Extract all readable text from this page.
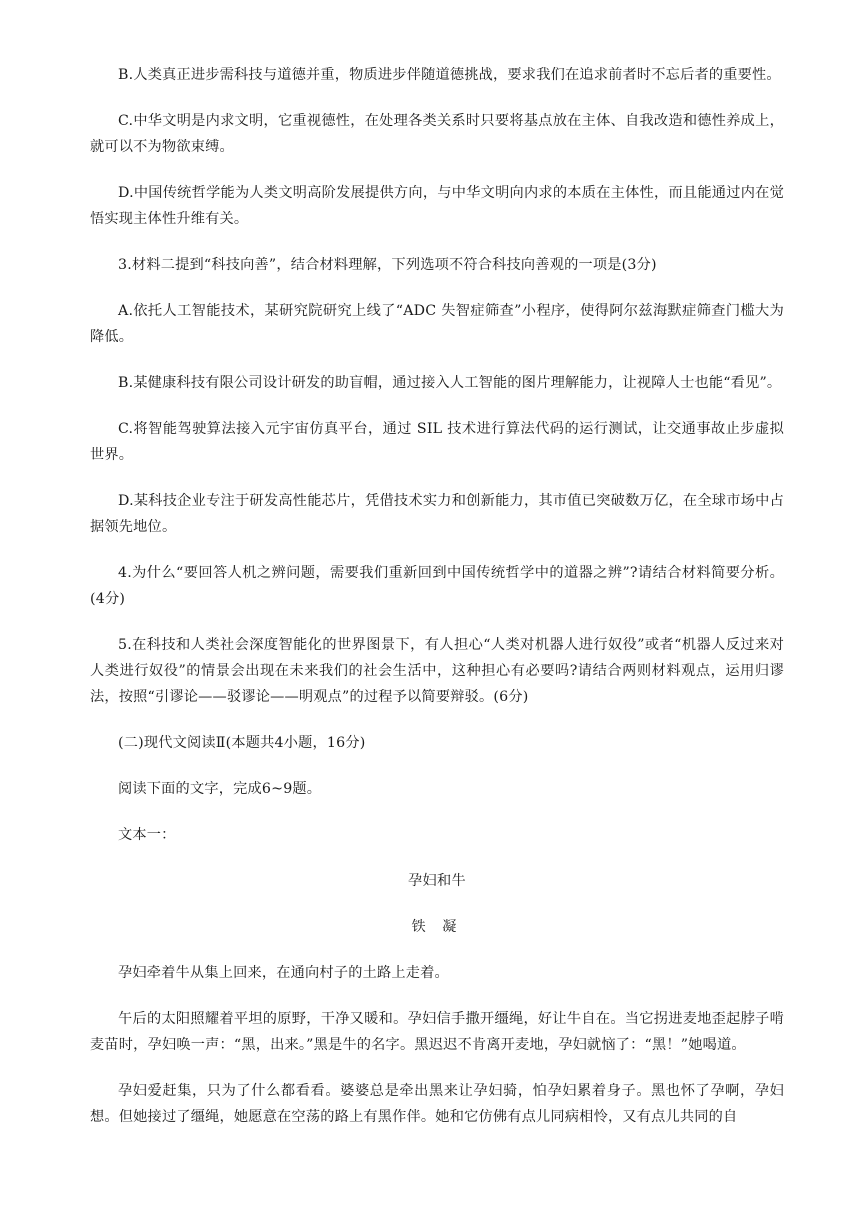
B.人类真正进步需科技与道德并重，物质进步伴随道德挑战，要求我们在追求前者时不忘后者的重要性。

C.中华文明是内求文明，它重视德性，在处理各类关系时只要将基点放在主体、自我改造和德性养成上，就可以不为物欲束缚。

D.中国传统哲学能为人类文明高阶发展提供方向，与中华文明向内求的本质在主体性，而且能通过内在觉悟实现主体性升维有关。

3.材料二提到“科技向善”，结合材料理解，下列选项不符合科技向善观的一项是(3分)

A.依托人工智能技术，某研究院研究上线了“ADC 失智症筛查”小程序，使得阿尔兹海默症筛查门槛大为降低。

B.某健康科技有限公司设计研发的助盲帽，通过接入人工智能的图片理解能力，让视障人士也能“看见”。

C.将智能驾驶算法接入元宇宙仿真平台，通过 SIL 技术进行算法代码的运行测试，让交通事故止步虚拟世界。

D.某科技企业专注于研发高性能芯片，凭借技术实力和创新能力，其市值已突破数万亿，在全球市场中占据领先地位。

4.为什么“要回答人机之辨问题，需要我们重新回到中国传统哲学中的道器之辨”?请结合材料简要分析。(4分)

5.在科技和人类社会深度智能化的世界图景下，有人担心“人类对机器人进行奴役”或者“机器人反过来对人类进行奴役”的情景会出现在未来我们的社会生活中，这种担心有必要吗?请结合两则材料观点，运用归谬法，按照“引谬论——驳谬论——明观点”的过程予以简要辩驳。(6分)

(二)现代文阅读Ⅱ(本题共4小题，16分)

阅读下面的文字，完成6~9题。

文本一：

孕妇和牛

铁 凝

孕妇牵着牛从集上回来，在通向村子的土路上走着。

午后的太阳照耀着平坦的原野，干净又暖和。孕妇信手撒开缰绳，好让牛自在。当它拐进麦地歪起脖子啃麦苗时，孕妇唤一声：“黑，出来。”黑是牛的名字。黑迟迟不肯离开麦地，孕妇就恼了：“黑！”她喝道。

孕妇爱赶集，只为了什么都看看。婆婆总是牵出黑来让孕妇骑，怕孕妇累着身子。黑也怀了孕啊，孕妇想。但她接过了缰绳，她愿意在空荡的路上有黑作伴。她和它仿佛有点儿同病相怜，又有点儿共同的自
